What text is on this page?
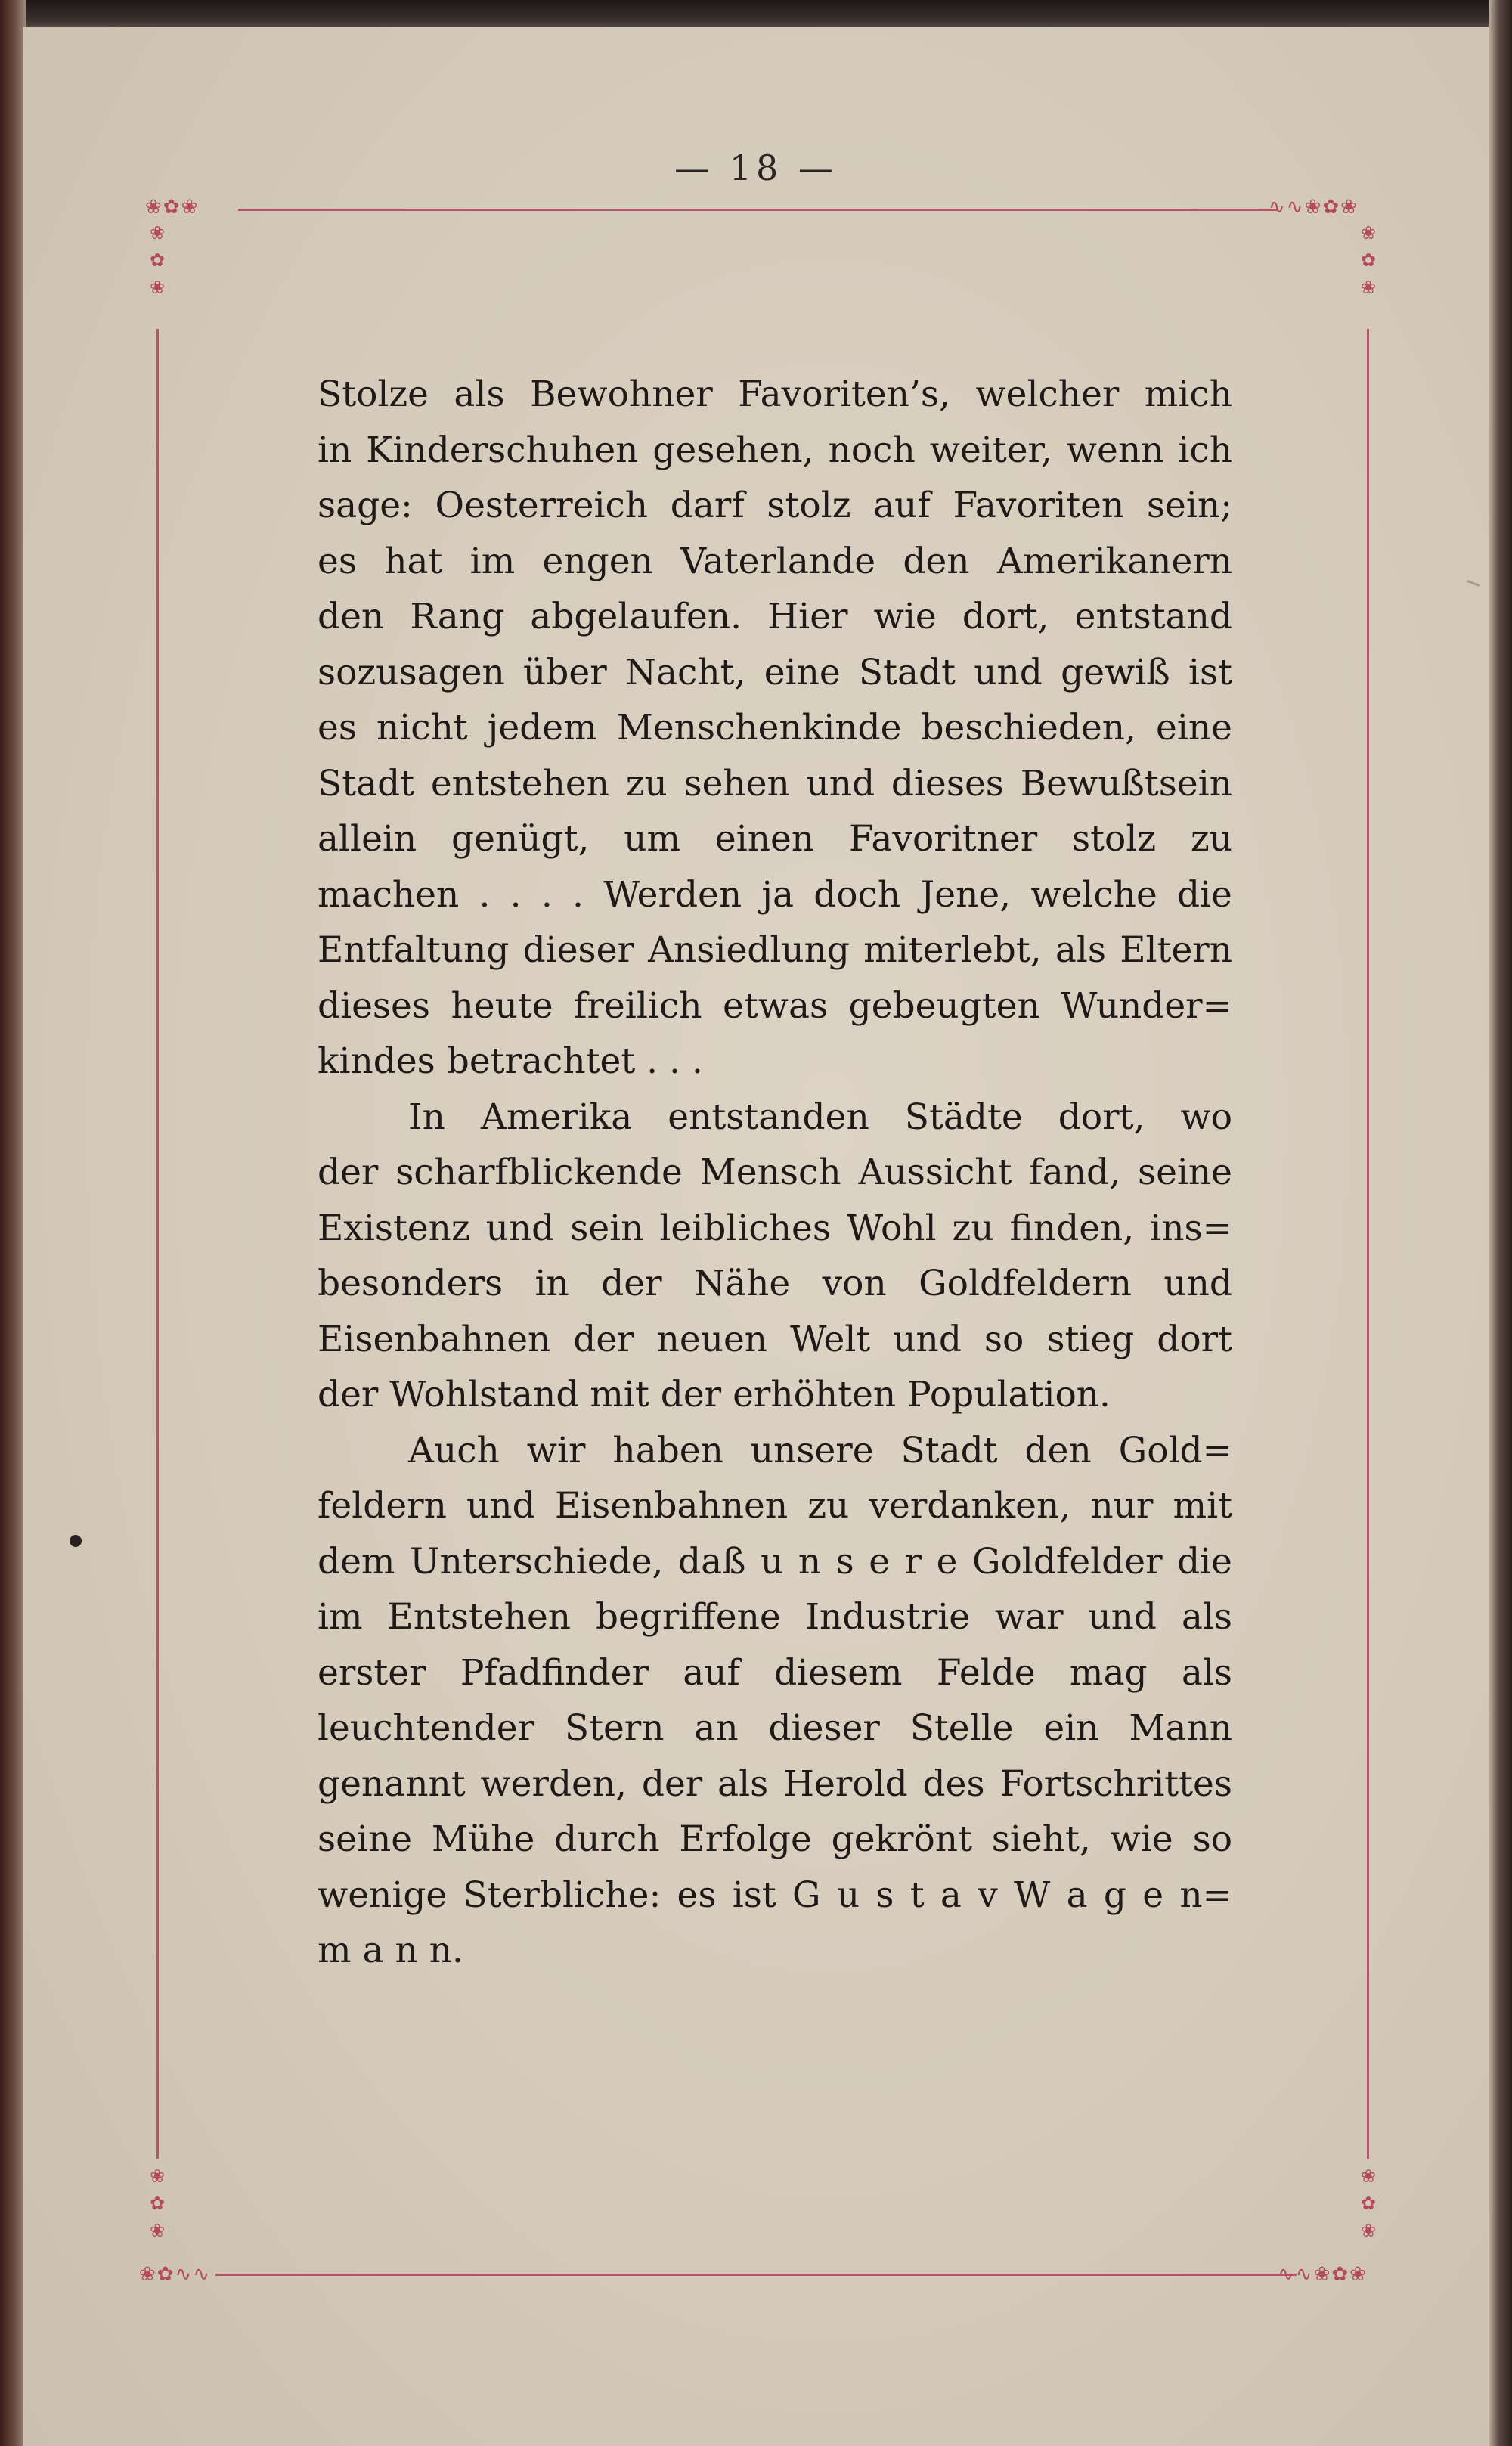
— 18 —
❀✿❀	∿∿❀✿❀
❀✿∿∿	∿∿❀✿❀
❀
✿
❀
❀
✿
❀
❀
✿
❀
❀
✿
❀
Stolze als Bewohner Favoriten’s, welcher mich
in Kinderschuhen gesehen, noch weiter, wenn ich
sage: Oesterreich darf stolz auf Favoriten sein;
es hat im engen Vaterlande den Amerikanern
den Rang abgelaufen. Hier wie dort, entstand
sozusagen über Nacht, eine Stadt und gewiß ist
es nicht jedem Menschenkinde beschieden, eine
Stadt entstehen zu sehen und dieses Bewußtsein
allein genügt, um einen Favoritner stolz zu
machen . . . . Werden ja doch Jene, welche die
Entfaltung dieser Ansiedlung miterlebt, als Eltern
dieses heute freilich etwas gebeugten Wunder=
kindes betrachtet . . .
In Amerika entstanden Städte dort, wo
der scharfblickende Mensch Aussicht fand, seine
Existenz und sein leibliches Wohl zu finden, ins=
besonders in der Nähe von Goldfeldern und
Eisenbahnen der neuen Welt und so stieg dort
der Wohlstand mit der erhöhten Population.
Auch wir haben unsere Stadt den Gold=
feldern und Eisenbahnen zu verdanken, nur mit
dem Unterschiede, daß u n s e r e Goldfelder die
im Entstehen begriffene Industrie war und als
erster Pfadfinder auf diesem Felde mag als
leuchtender Stern an dieser Stelle ein Mann
genannt werden, der als Herold des Fortschrittes
seine Mühe durch Erfolge gekrönt sieht, wie so
wenige Sterbliche: es ist G u s t a v W a g e n=
m a n n.
